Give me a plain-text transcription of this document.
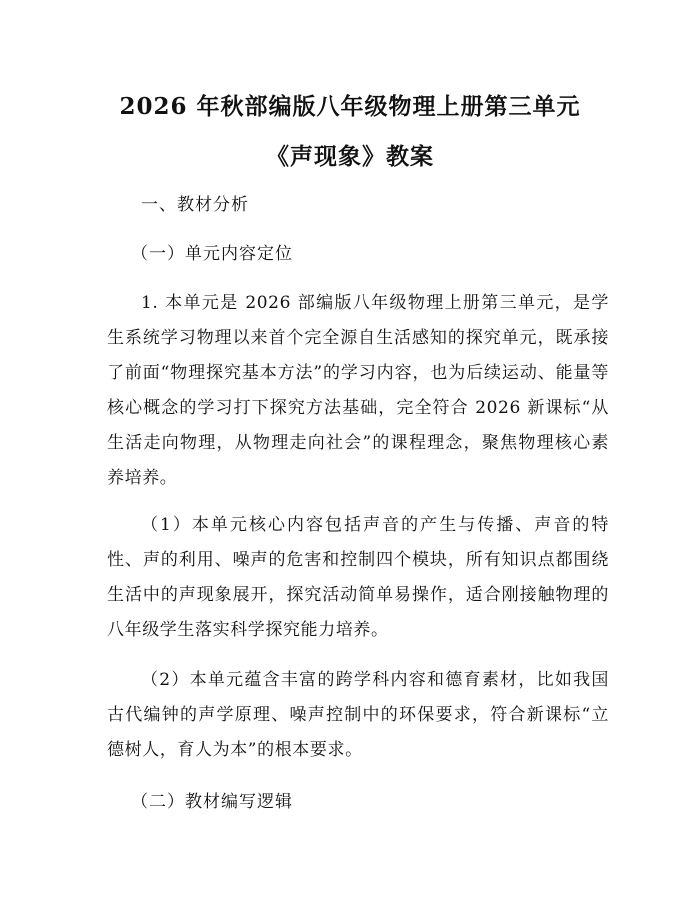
2026 年秋部编版八年级物理上册第三单元
《声现象》教案
一、教材分析
（一）单元内容定位
1. 本单元是 2026 部编版八年级物理上册第三单元，是学生系统学习物理以来首个完全源自生活感知的探究单元，既承接了前面“物理探究基本方法”的学习内容，也为后续运动、能量等核心概念的学习打下探究方法基础，完全符合 2026 新课标“从生活走向物理，从物理走向社会”的课程理念，聚焦物理核心素养培养。
（1）本单元核心内容包括声音的产生与传播、声音的特性、声的利用、噪声的危害和控制四个模块，所有知识点都围绕生活中的声现象展开，探究活动简单易操作，适合刚接触物理的八年级学生落实科学探究能力培养。
（2）本单元蕴含丰富的跨学科内容和德育素材，比如我国古代编钟的声学原理、噪声控制中的环保要求，符合新课标“立德树人，育人为本”的根本要求。
（二）教材编写逻辑
